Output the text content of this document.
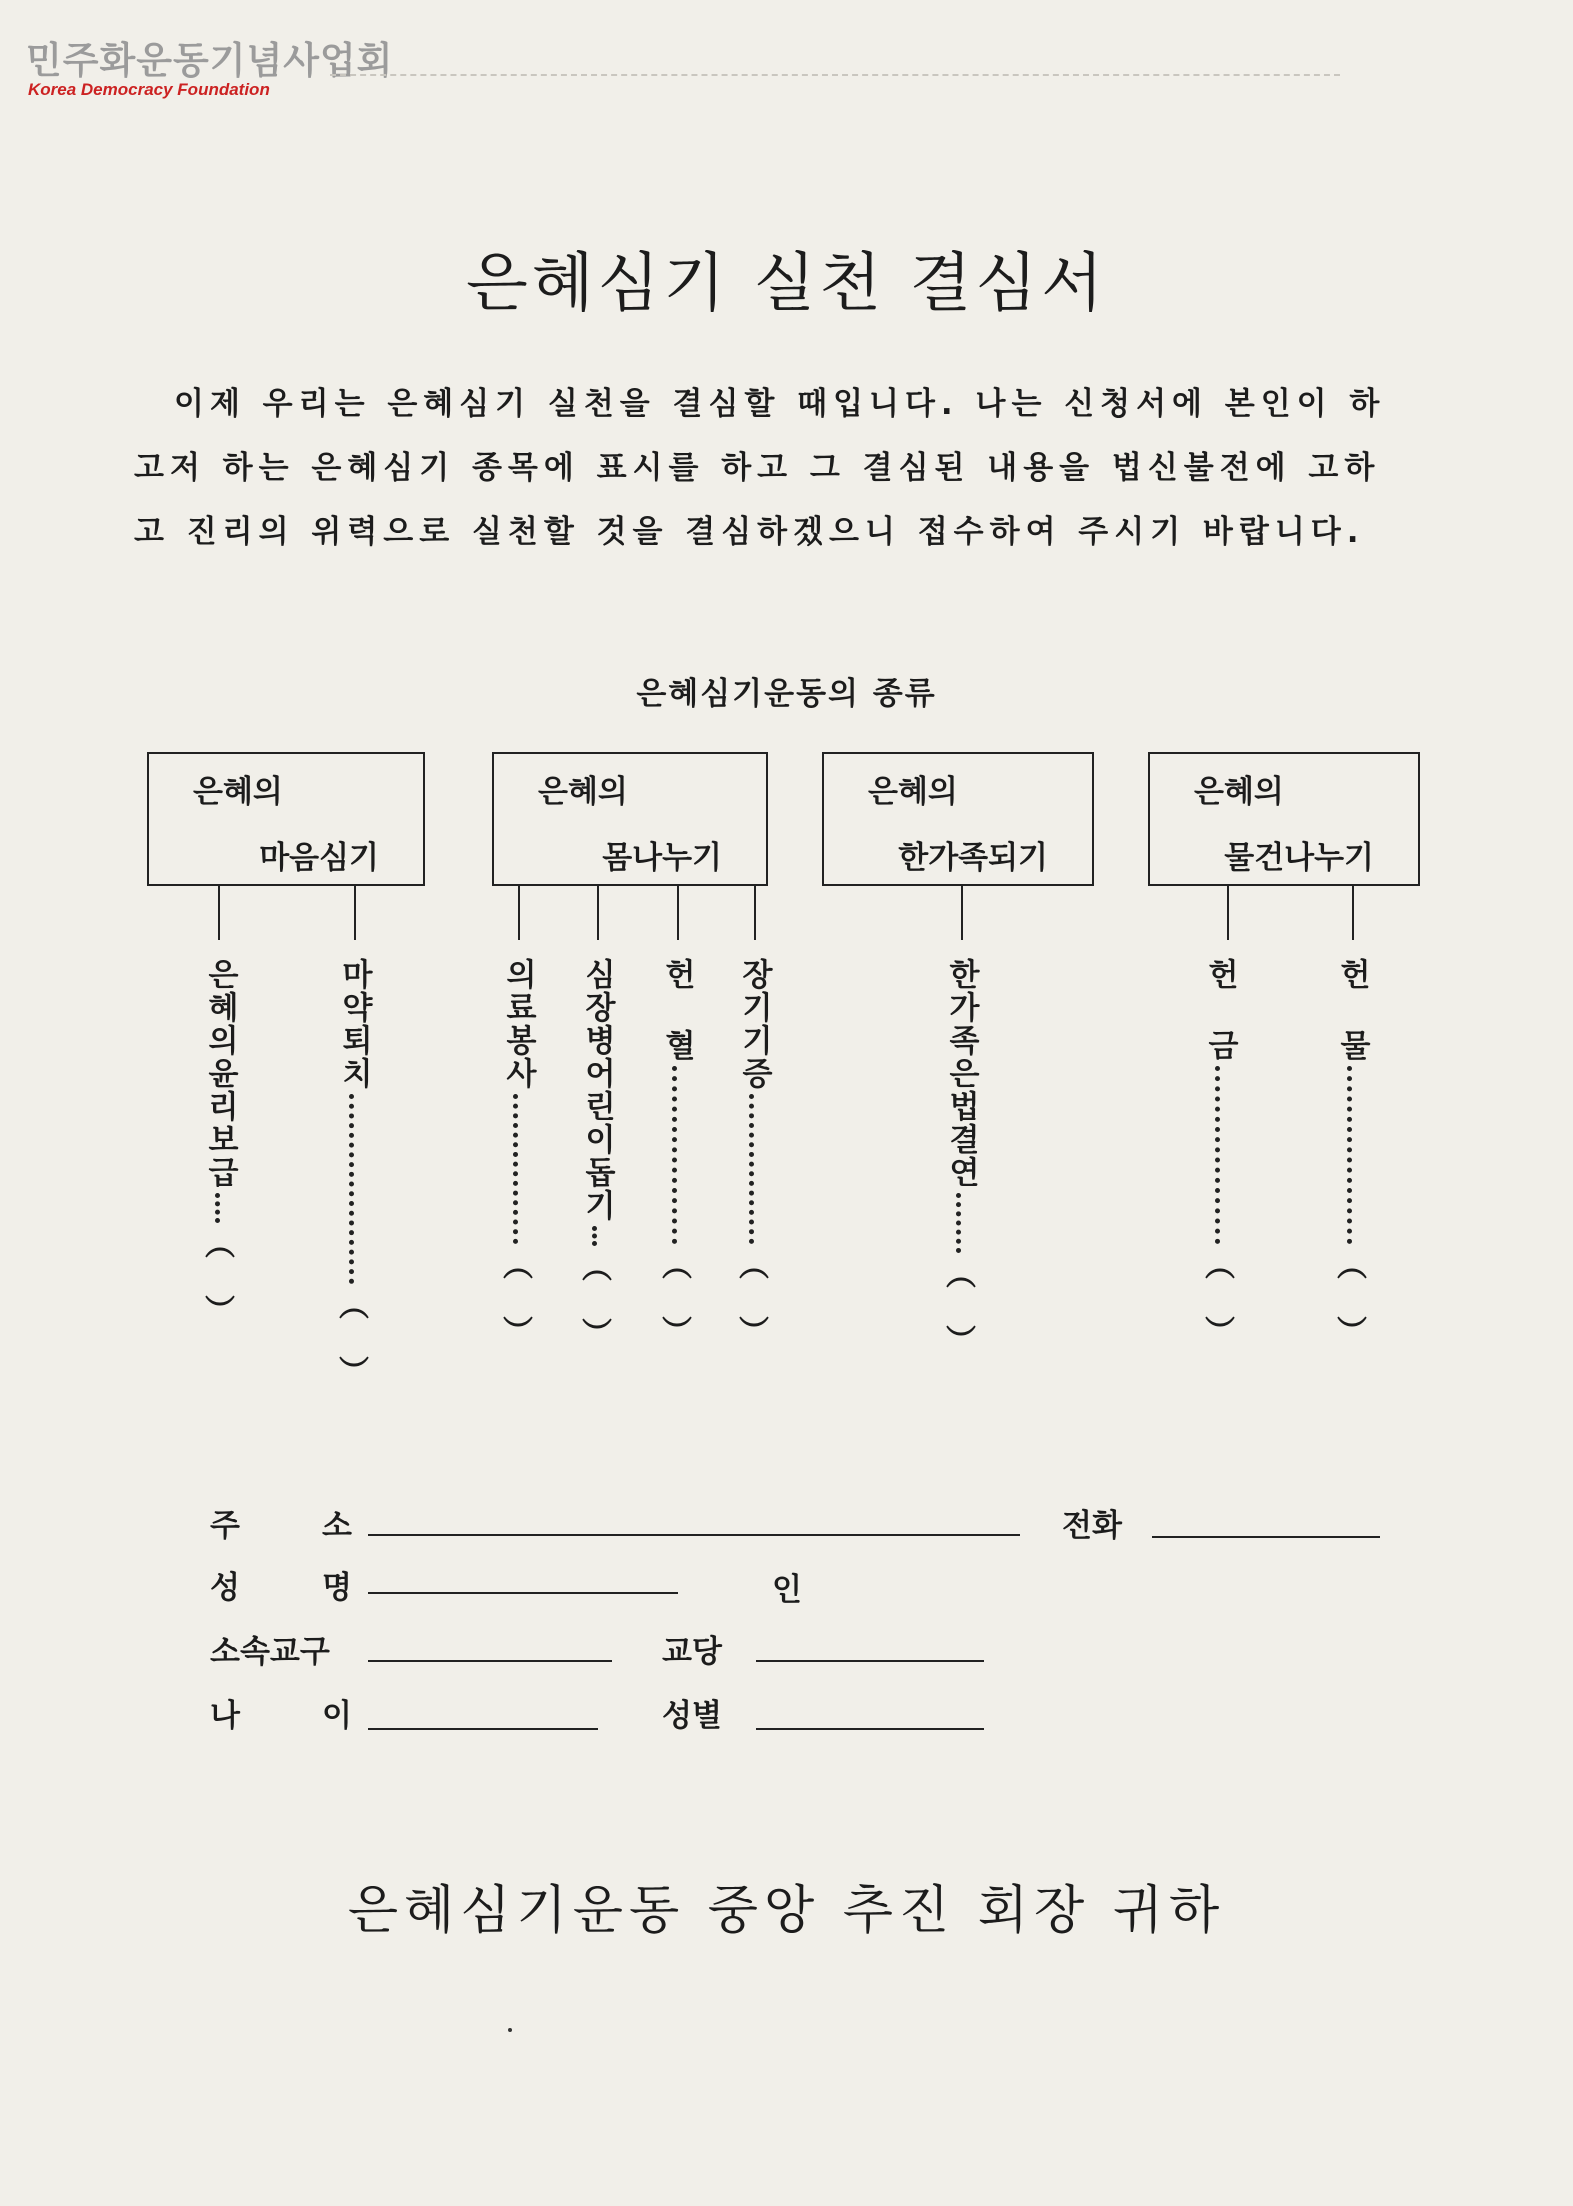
민주화운동기념사업회
Korea Democracy Foundation
은혜심기 실천 결심서

이제 우리는 은혜심기 실천을 결심할 때입니다. 나는 신청서에 본인이 하

고저 하는 은혜심기 종목에 표시를 하고 그 결심된 내용을 법신불전에 고하

고 진리의 위력으로 실천할 것을 결심하겠으니 접수하여 주시기 바랍니다.

은혜심기운동의 종류
은혜의
마음심기
은혜의
몸나누기
은혜의
한가족되기
은혜의
물건나누기
은혜의윤리보급
︵
︶
마약퇴치
︵
︶
의료봉사
︵
︶
심장병어린이돕기
︵
︶
헌
혈
︵
︶
장기기증
︵
︶
한가족은법결연
︵
︶
헌
금
︵
︶
헌
물
︵
︶
주	소	전화
성	명	인
소속교구	교당
나	이	성별
은혜심기운동 중앙 추진 회장 귀하
